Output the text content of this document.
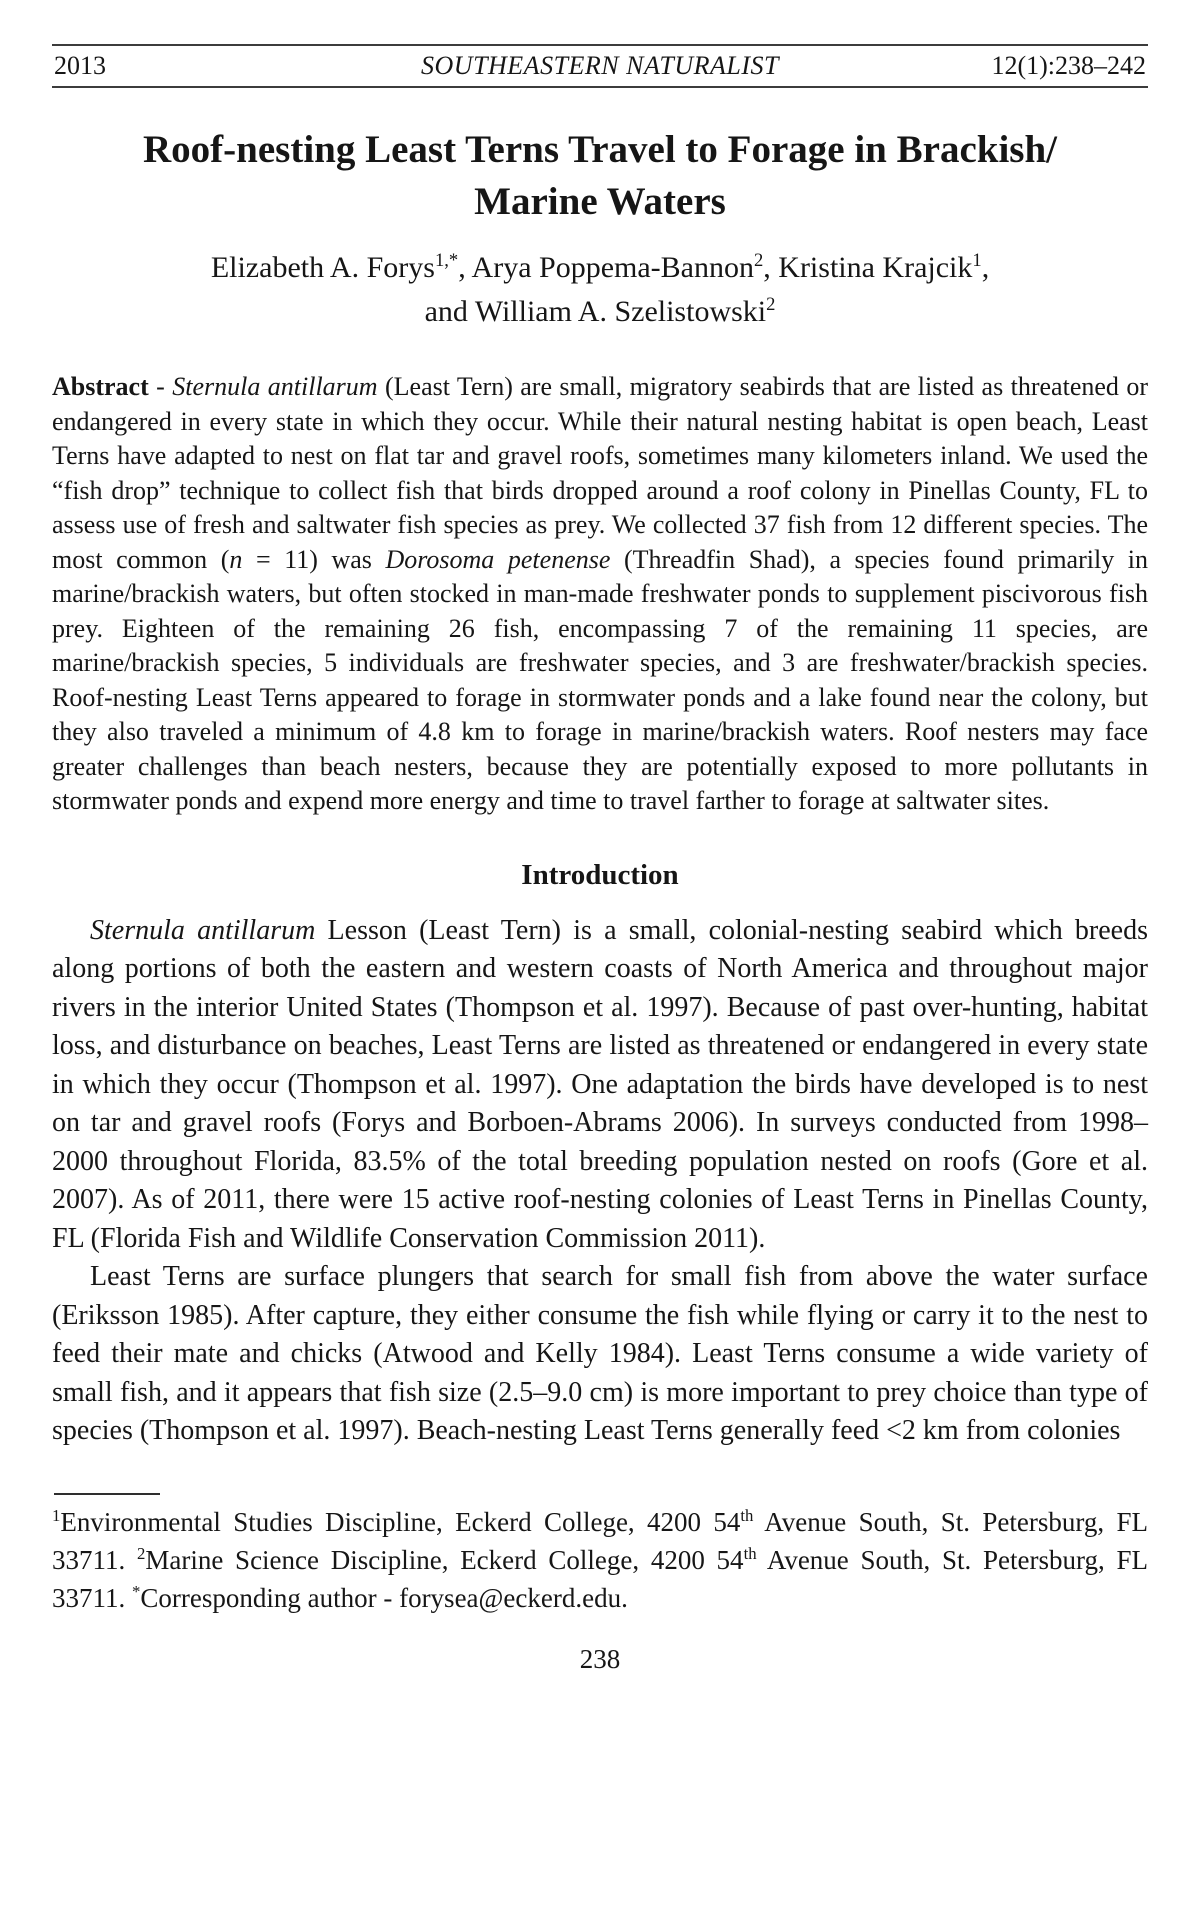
2013	SOUTHEASTERN NATURALIST	12(1):238–242
Roof-nesting Least Terns Travel to Forage in Brackish/
Marine Waters
Elizabeth A. Forys$^{1,*}$, Arya Poppema-Bannon$^2$, Kristina Krajcik$^1$,
and William A. Szelistowski$^2$

Abstract - Sternula antillarum (Least Tern) are small, migratory seabirds that are listed as threatened or endangered in every state in which they occur. While their natural nesting habitat is open beach, Least Terns have adapted to nest on flat tar and gravel roofs, sometimes many kilometers inland. We used the “fish drop” technique to collect fish that birds dropped around a roof colony in Pinellas County, FL to assess use of fresh and saltwater fish species as prey. We collected 37 fish from 12 different species. The most common (n = 11) was Dorosoma petenense (Threadfin Shad), a species found primarily in marine/brackish waters, but often stocked in man-made freshwater ponds to supplement piscivorous fish prey. Eighteen of the remaining 26 fish, encompassing 7 of the remaining 11 species, are marine/brackish species, 5 individuals are freshwater species, and 3 are freshwater/brackish species. Roof-nesting Least Terns appeared to forage in stormwater ponds and a lake found near the colony, but they also traveled a minimum of 4.8 km to forage in marine/brackish waters. Roof nesters may face greater challenges than beach nesters, because they are potentially exposed to more pollutants in stormwater ponds and expend more energy and time to travel farther to forage at saltwater sites.

Introduction

Sternula antillarum Lesson (Least Tern) is a small, colonial-nesting seabird which breeds along portions of both the eastern and western coasts of North America and throughout major rivers in the interior United States (Thompson et al. 1997). Because of past over-hunting, habitat loss, and disturbance on beaches, Least Terns are listed as threatened or endangered in every state in which they occur (Thompson et al. 1997). One adaptation the birds have developed is to nest on tar and gravel roofs (Forys and Borboen-Abrams 2006). In surveys conducted from 1998–2000 throughout Florida, 83.5% of the total breeding population nested on roofs (Gore et al. 2007). As of 2011, there were 15 active roof-nesting colonies of Least Terns in Pinellas County, FL (Florida Fish and Wildlife Conservation Commission 2011).

Least Terns are surface plungers that search for small fish from above the water surface (Eriksson 1985). After capture, they either consume the fish while flying or carry it to the nest to feed their mate and chicks (Atwood and Kelly 1984). Least Terns consume a wide variety of small fish, and it appears that fish size (2.5–9.0 cm) is more important to prey choice than type of species (Thompson et al. 1997). Beach-nesting Least Terns generally feed <2 km from colonies

$^1$Environmental Studies Discipline, Eckerd College, 4200 54th Avenue South, St. Petersburg, FL 33711. $^2$Marine Science Discipline, Eckerd College, 4200 54th Avenue South, St. Petersburg, FL 33711. *Corresponding author - forysea@eckerd.edu.

238
